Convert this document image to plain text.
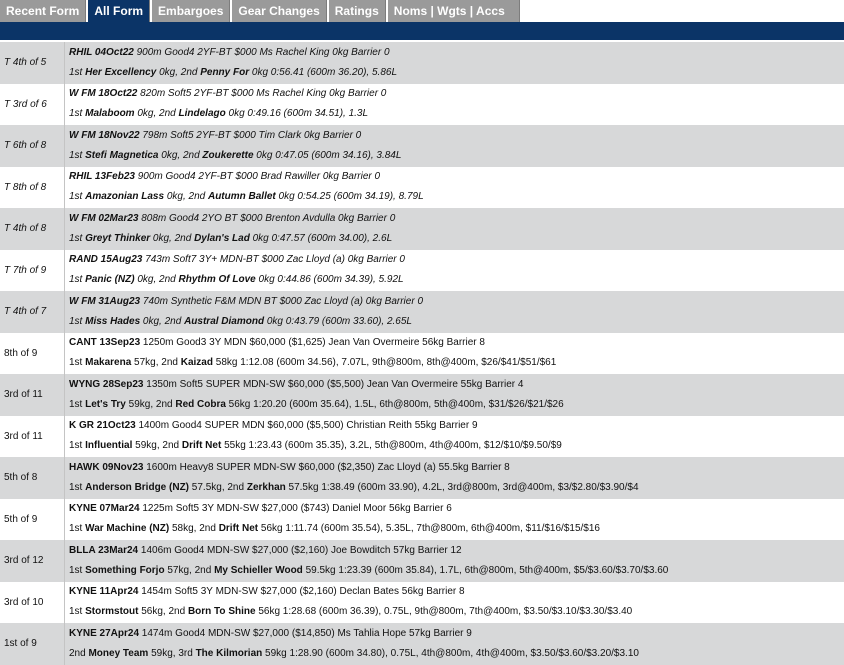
Recent Form	All Form	Embargoes	Gear Changes	Ratings	Noms | Wgts | Accs
T 4th of 5
RHIL 04Oct22 900m Good4 2YF-BT $000 Ms Rachel King 0kg Barrier 0
1st Her Excellency 0kg, 2nd Penny For 0kg 0:56.41 (600m 36.20), 5.86L
T 3rd of 6
W FM 18Oct22 820m Soft5 2YF-BT $000 Ms Rachel King 0kg Barrier 0
1st Malaboom 0kg, 2nd Lindelago 0kg 0:49.16 (600m 34.51), 1.3L
T 6th of 8
W FM 18Nov22 798m Soft5 2YF-BT $000 Tim Clark 0kg Barrier 0
1st Stefi Magnetica 0kg, 2nd Zoukerette 0kg 0:47.05 (600m 34.16), 3.84L
T 8th of 8
RHIL 13Feb23 900m Good4 2YF-BT $000 Brad Rawiller 0kg Barrier 0
1st Amazonian Lass 0kg, 2nd Autumn Ballet 0kg 0:54.25 (600m 34.19), 8.79L
T 4th of 8
W FM 02Mar23 808m Good4 2YO BT $000 Brenton Avdulla 0kg Barrier 0
1st Greyt Thinker 0kg, 2nd Dylan's Lad 0kg 0:47.57 (600m 34.00), 2.6L
T 7th of 9
RAND 15Aug23 743m Soft7 3Y+ MDN-BT $000 Zac Lloyd (a) 0kg Barrier 0
1st Panic (NZ) 0kg, 2nd Rhythm Of Love 0kg 0:44.86 (600m 34.39), 5.92L
T 4th of 7
W FM 31Aug23 740m Synthetic F&M MDN BT $000 Zac Lloyd (a) 0kg Barrier 0
1st Miss Hades 0kg, 2nd Austral Diamond 0kg 0:43.79 (600m 33.60), 2.65L
8th of 9
CANT 13Sep23 1250m Good3 3Y MDN $60,000 ($1,625) Jean Van Overmeire 56kg Barrier 8
1st Makarena 57kg, 2nd Kaizad 58kg 1:12.08 (600m 34.56), 7.07L, 9th@800m, 8th@400m, $26/$41/$51/$61
3rd of 11
WYNG 28Sep23 1350m Soft5 SUPER MDN-SW $60,000 ($5,500) Jean Van Overmeire 55kg Barrier 4
1st Let's Try 59kg, 2nd Red Cobra 56kg 1:20.20 (600m 35.64), 1.5L, 6th@800m, 5th@400m, $31/$26/$21/$26
3rd of 11
K GR 21Oct23 1400m Good4 SUPER MDN $60,000 ($5,500) Christian Reith 55kg Barrier 9
1st Influential 59kg, 2nd Drift Net 55kg 1:23.43 (600m 35.35), 3.2L, 5th@800m, 4th@400m, $12/$10/$9.50/$9
5th of 8
HAWK 09Nov23 1600m Heavy8 SUPER MDN-SW $60,000 ($2,350) Zac Lloyd (a) 55.5kg Barrier 8
1st Anderson Bridge (NZ) 57.5kg, 2nd Zerkhan 57.5kg 1:38.49 (600m 33.90), 4.2L, 3rd@800m, 3rd@400m, $3/$2.80/$3.90/$4
5th of 9
KYNE 07Mar24 1225m Soft5 3Y MDN-SW $27,000 ($743) Daniel Moor 56kg Barrier 6
1st War Machine (NZ) 58kg, 2nd Drift Net 56kg 1:11.74 (600m 35.54), 5.35L, 7th@800m, 6th@400m, $11/$16/$15/$16
3rd of 12
BLLA 23Mar24 1406m Good4 MDN-SW $27,000 ($2,160) Joe Bowditch 57kg Barrier 12
1st Something Forjo 57kg, 2nd My Schieller Wood 59.5kg 1:23.39 (600m 35.84), 1.7L, 6th@800m, 5th@400m, $5/$3.60/$3.70/$3.60
3rd of 10
KYNE 11Apr24 1454m Soft5 3Y MDN-SW $27,000 ($2,160) Declan Bates 56kg Barrier 8
1st Stormstout 56kg, 2nd Born To Shine 56kg 1:28.68 (600m 36.39), 0.75L, 9th@800m, 7th@400m, $3.50/$3.10/$3.30/$3.40
1st of 9
KYNE 27Apr24 1474m Good4 MDN-SW $27,000 ($14,850) Ms Tahlia Hope 57kg Barrier 9
2nd Money Team 59kg, 3rd The Kilmorian 59kg 1:28.90 (600m 34.80), 0.75L, 4th@800m, 4th@400m, $3.50/$3.60/$3.20/$3.10
